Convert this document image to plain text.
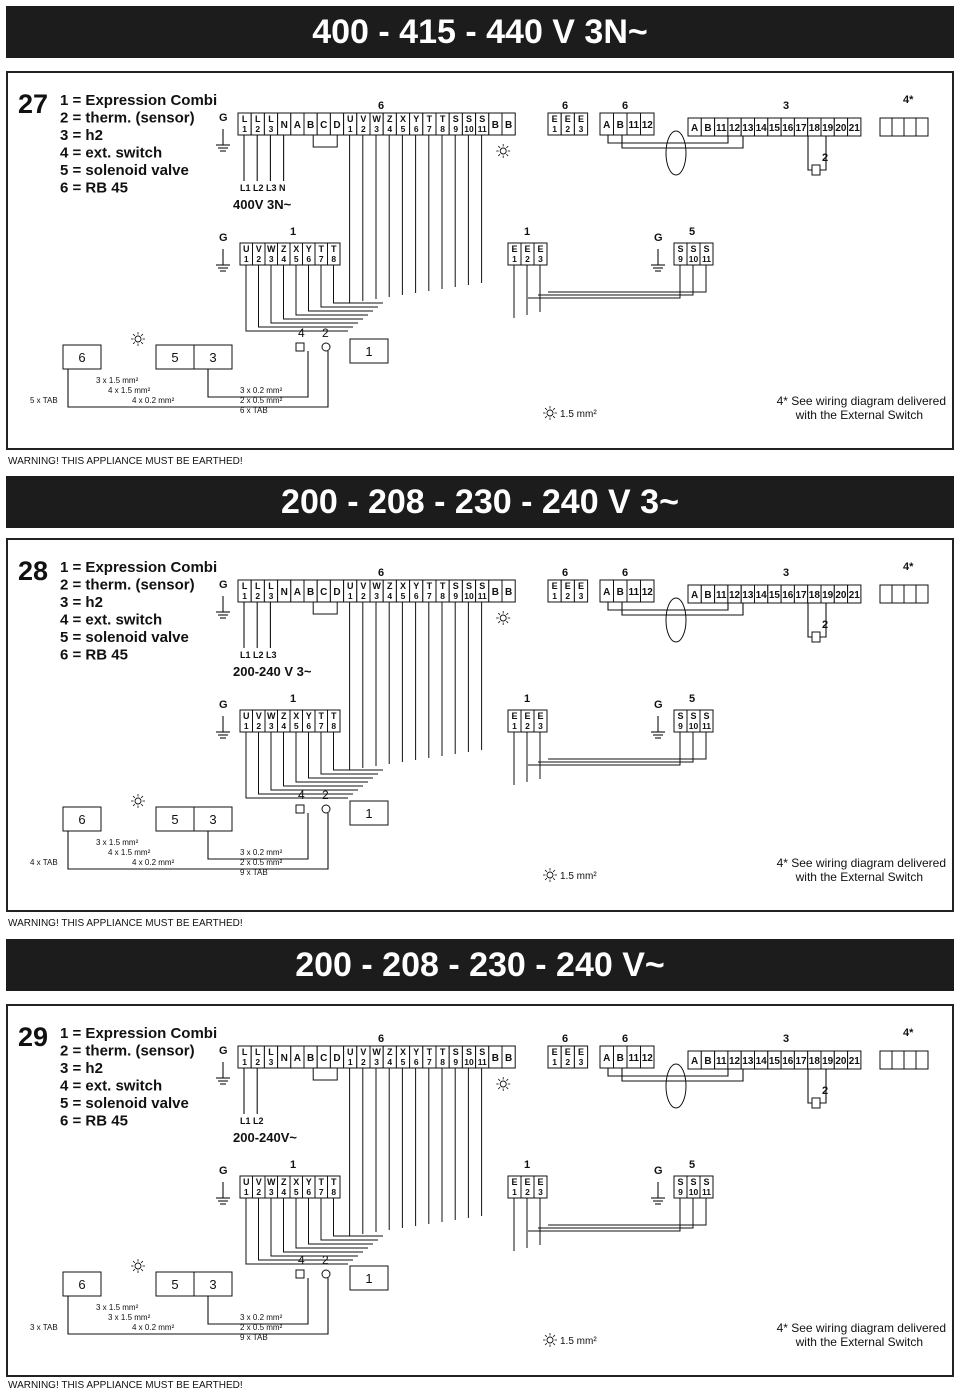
400 - 415 - 440 V 3N~
27 1 = Expression Combi
2 = therm. (sensor)
3 = h2
4 = ext. switch
5 = solenoid valve
6 = RB 45
G
6
L
1
L
2
L
3 N A B C D
U
1
V
2
W
3
Z
4
X
5
Y
6
T
7
T
8
S
9
S
10
S
11 B B
L1 L2 L3 N
400V 3N~
6
E
1
E
2
E
3
6
A B 11 12
3
A B 11 12 13 14 15 16 17 18 19 20 21
4*
2
1
G
U
1
V
2
W
3
Z
4
X
5
Y
6
T
7
T
8
1
E
1
E
2
E
3
5
G
S
9
S
10
S
11
6	5 3
4 2
1
3 x 1.5 mm²
4 x 1.5 mm²
4 x 0.2 mm²
3 x 0.2 mm²
2 x 0.5 mm²
6 x TAB
5 x TAB
1.5 mm²
4* See wiring diagram delivered
with the External Switch
WARNING! THIS APPLIANCE MUST BE EARTHED!
200 - 208 - 230 - 240 V 3~
28 1 = Expression Combi
2 = therm. (sensor)
3 = h2
4 = ext. switch
5 = solenoid valve
6 = RB 45
G
6
L
1
L
2
L
3 N A B C D
U
1
V
2
W
3
Z
4
X
5
Y
6
T
7
T
8
S
9
S
10
S
11 B B
L1 L2 L3
200-240 V 3~
6
E
1
E
2
E
3
6
A B 11 12
3
A B 11 12 13 14 15 16 17 18 19 20 21
4*
2
1
G
U
1
V
2
W
3
Z
4
X
5
Y
6
T
7
T
8
1
E
1
E
2
E
3
5
G
S
9
S
10
S
11
6	5 3
4 2
1
3 x 1.5 mm²
4 x 1.5 mm²
4 x 0.2 mm²
3 x 0.2 mm²
2 x 0.5 mm²
9 x TAB
4 x TAB
1.5 mm²
4* See wiring diagram delivered
with the External Switch
WARNING! THIS APPLIANCE MUST BE EARTHED!
200 - 208 - 230 - 240 V~
29 1 = Expression Combi
2 = therm. (sensor)
3 = h2
4 = ext. switch
5 = solenoid valve
6 = RB 45
G
6
L
1
L
2
L
3 N A B C D
U
1
V
2
W
3
Z
4
X
5
Y
6
T
7
T
8
S
9
S
10
S
11 B B
L1 L2
200-240V~
6
E
1
E
2
E
3
6
A B 11 12
3
A B 11 12 13 14 15 16 17 18 19 20 21
4*
2
1
G
U
1
V
2
W
3
Z
4
X
5
Y
6
T
7
T
8
1
E
1
E
2
E
3
5
G
S
9
S
10
S
11
6	5 3
4 2
1
3 x 1.5 mm²
3 x 1.5 mm²
4 x 0.2 mm²
3 x 0.2 mm²
2 x 0.5 mm²
9 x TAB
3 x TAB
1.5 mm²
4* See wiring diagram delivered
with the External Switch
WARNING! THIS APPLIANCE MUST BE EARTHED!
